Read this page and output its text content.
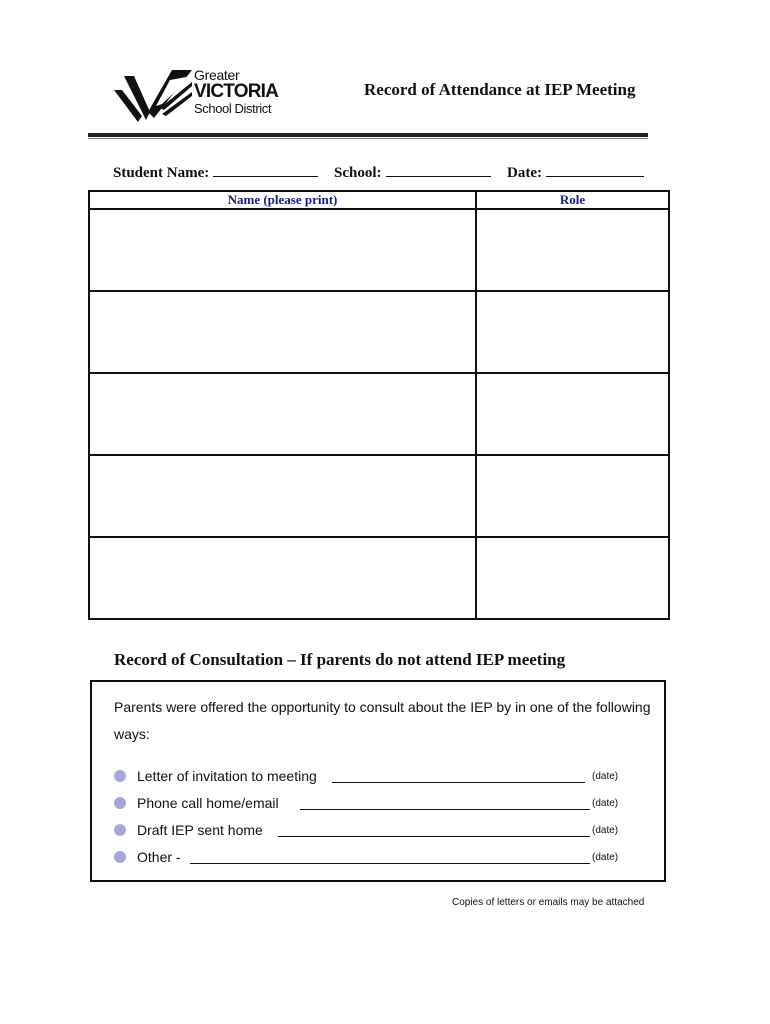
Greater
VICTORIA
School District
Record of Attendance at IEP Meeting
Student Name:	School:	Date:
Name (please print)	Role

Record of Consultation – If parents do not attend IEP meeting
Parents were offered the opportunity to consult about the IEP by in one of the following ways:
Letter of invitation to meeting	(date)
Phone call home/email	(date)
Draft IEP sent home	(date)
Other -	(date)
Copies of letters or emails may be attached
